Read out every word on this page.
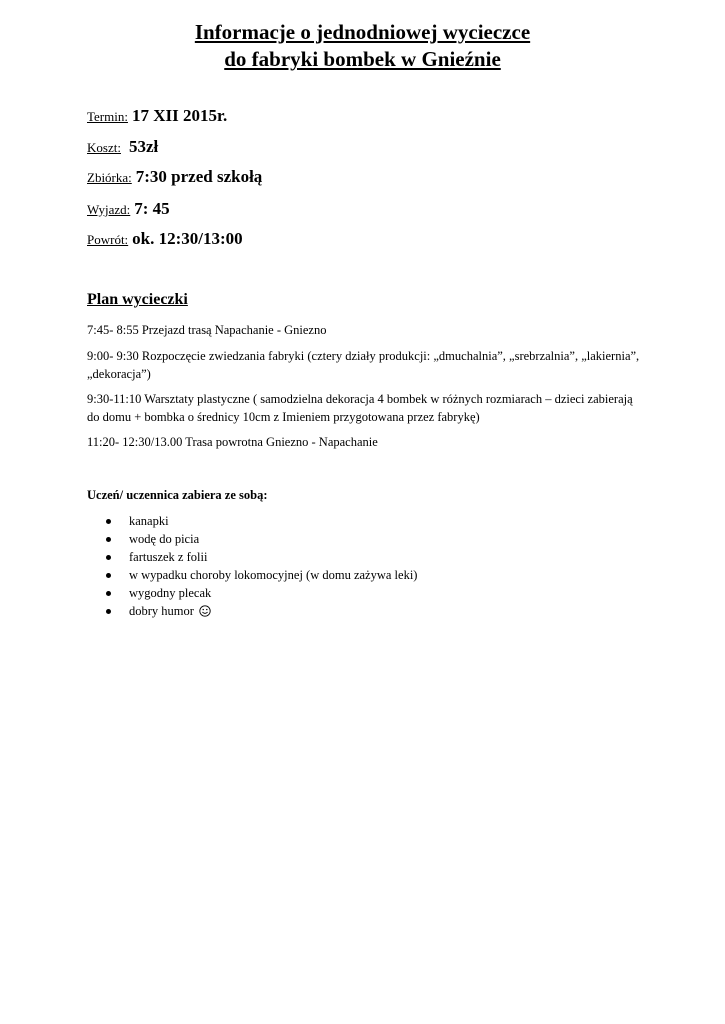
Informacje o jednodniowej wycieczce
do fabryki bombek w Gnieźnie
Termin: 17 XII 2015r.
Koszt: 53zł
Zbiórka: 7:30 przed szkołą
Wyjazd: 7: 45
Powrót: ok. 12:30/13:00
Plan wycieczki
7:45- 8:55 Przejazd trasą Napachanie - Gniezno
9:00- 9:30 Rozpoczęcie zwiedzania fabryki (cztery działy produkcji: „dmuchalnia”, „srebrzalnia”, „lakiernia”, „dekoracja”)
9:30-11:10 Warsztaty plastyczne ( samodzielna dekoracja 4 bombek w różnych rozmiarach – dzieci zabierają do domu + bombka o średnicy 10cm z Imieniem przygotowana przez fabrykę)
11:20- 12:30/13.00 Trasa powrotna Gniezno - Napachanie
Uczeń/ uczennica zabiera ze sobą:
kanapki
wodę do picia
fartuszek z folii
w wypadku choroby lokomocyjnej (w domu zażywa leki)
wygodny plecak
dobry humor
